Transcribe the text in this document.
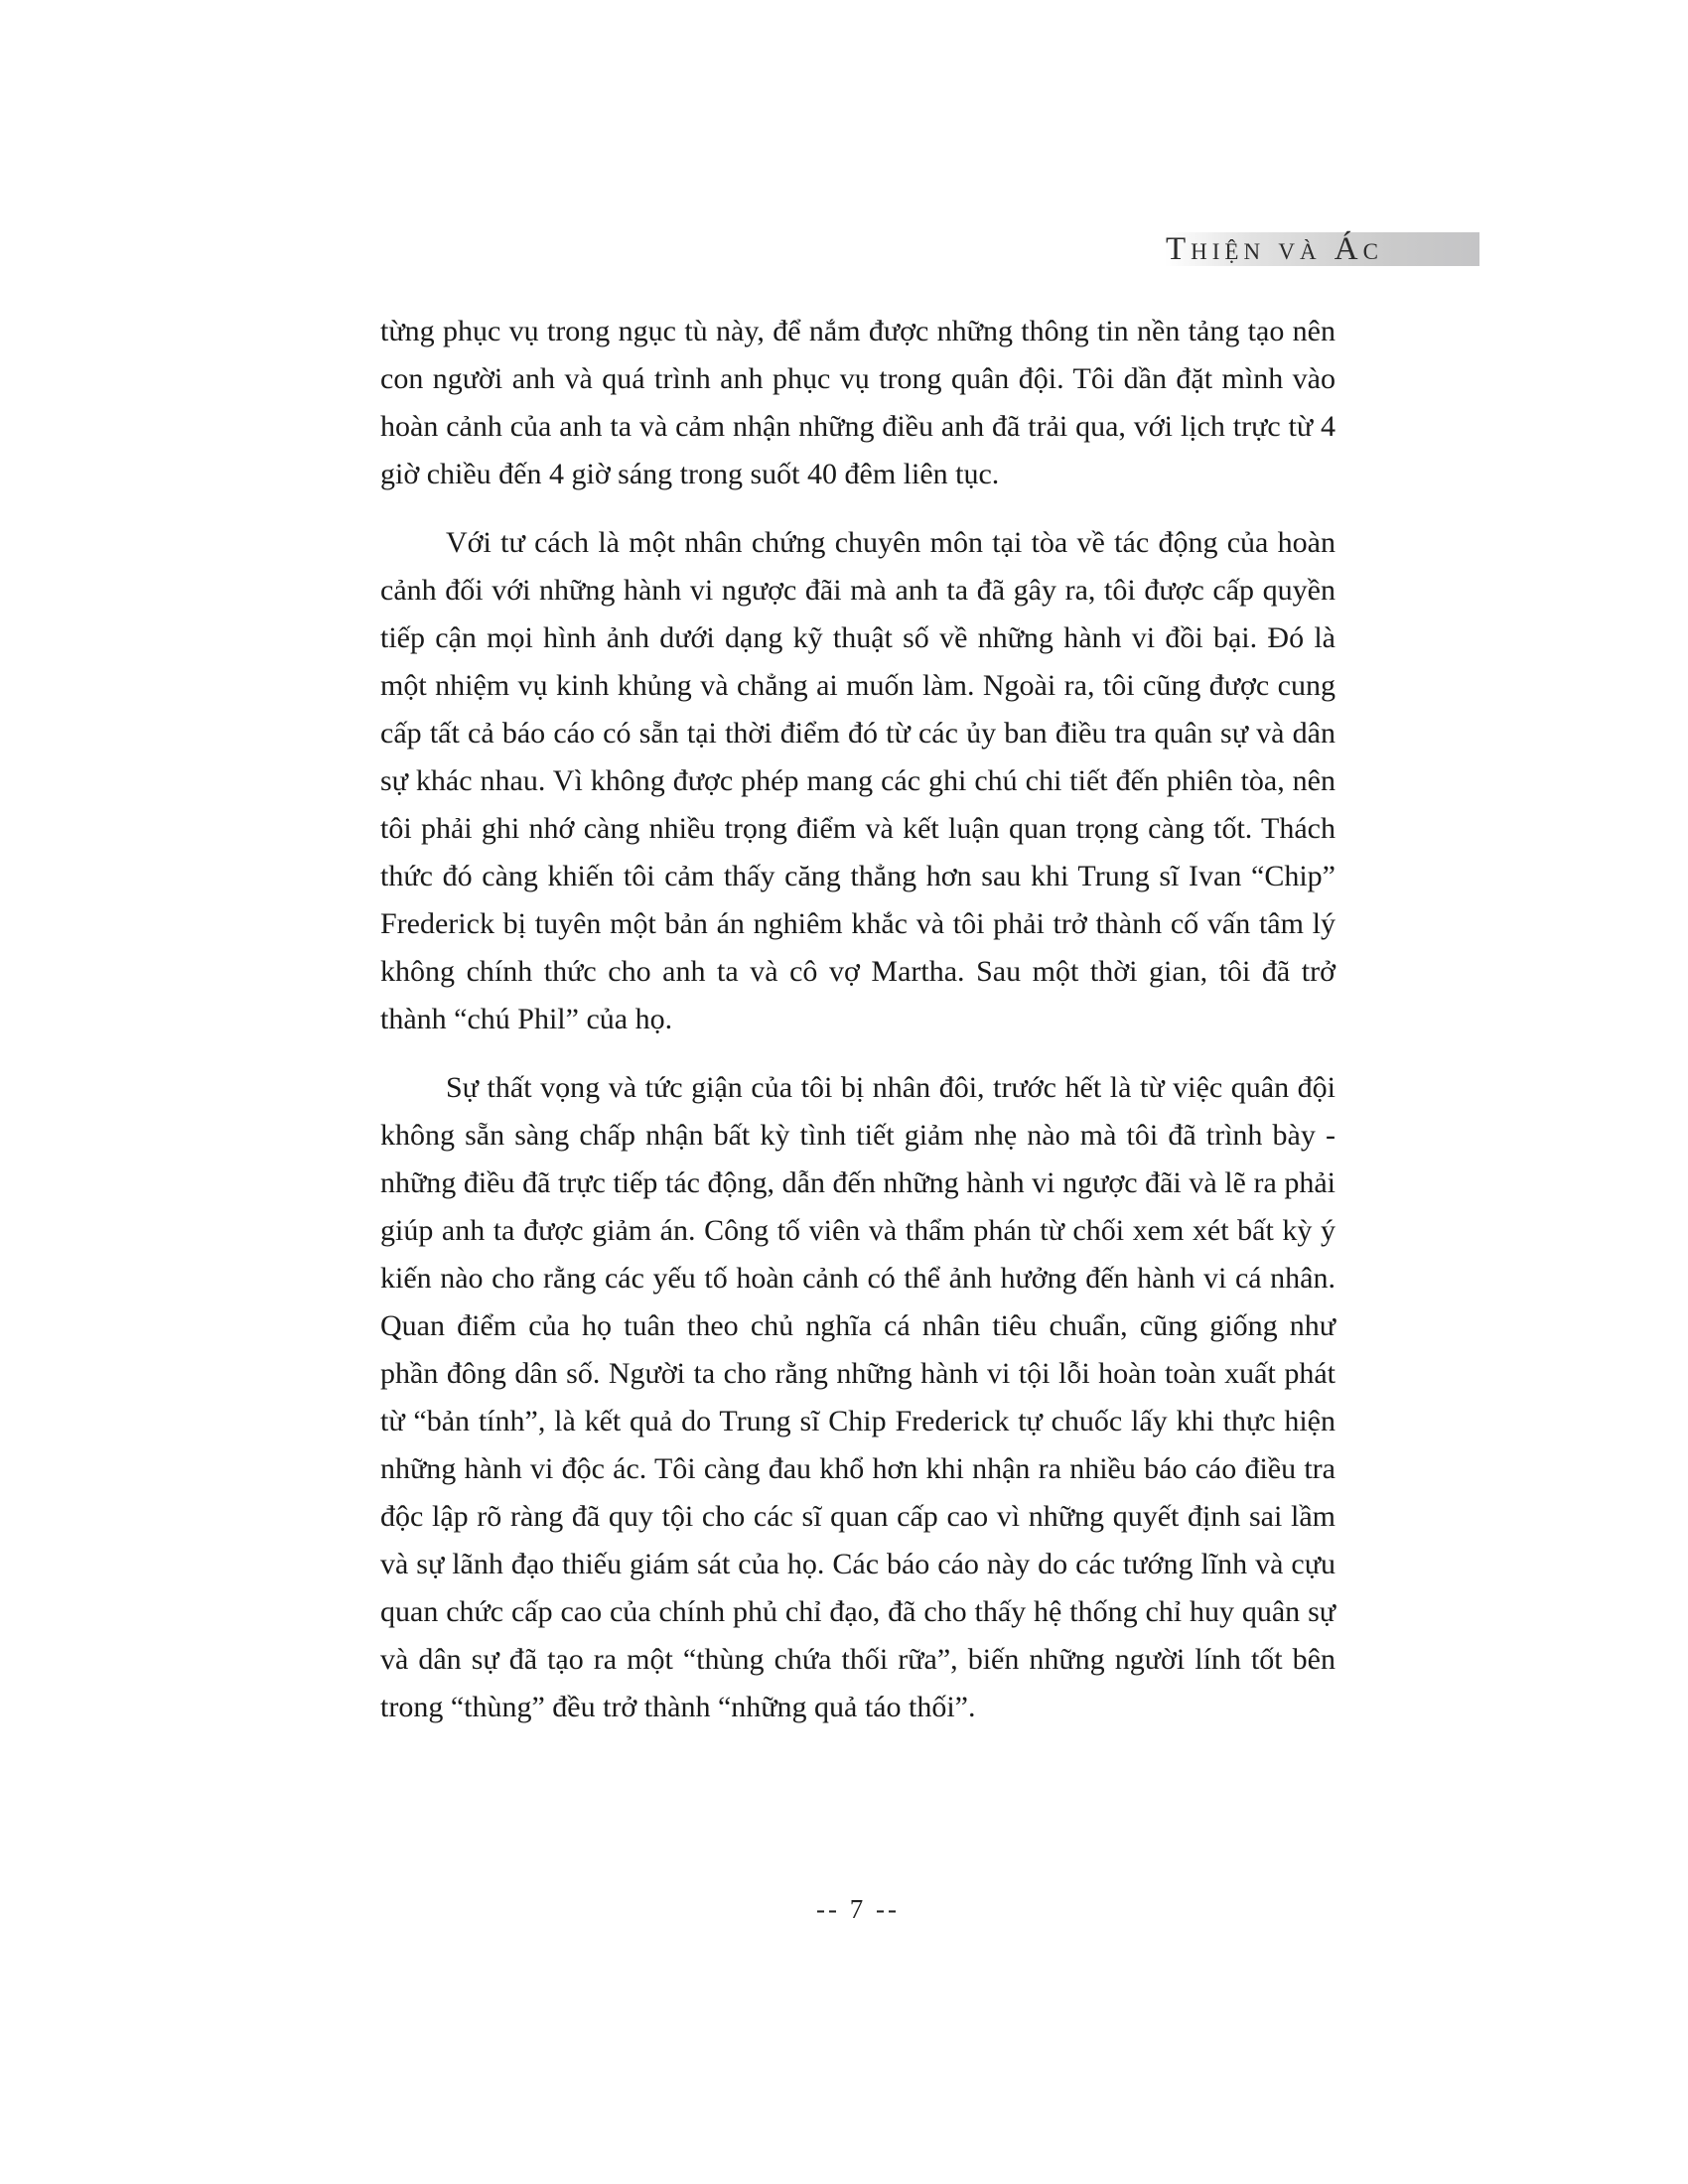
Thiện và Ác

từng phục vụ trong ngục tù này, để nắm được những thông tin nền tảng tạo nên con người anh và quá trình anh phục vụ trong quân đội. Tôi dần đặt mình vào hoàn cảnh của anh ta và cảm nhận những điều anh đã trải qua, với lịch trực từ 4 giờ chiều đến 4 giờ sáng trong suốt 40 đêm liên tục.

Với tư cách là một nhân chứng chuyên môn tại tòa về tác động của hoàn cảnh đối với những hành vi ngược đãi mà anh ta đã gây ra, tôi được cấp quyền tiếp cận mọi hình ảnh dưới dạng kỹ thuật số về những hành vi đồi bại. Đó là một nhiệm vụ kinh khủng và chẳng ai muốn làm. Ngoài ra, tôi cũng được cung cấp tất cả báo cáo có sẵn tại thời điểm đó từ các ủy ban điều tra quân sự và dân sự khác nhau. Vì không được phép mang các ghi chú chi tiết đến phiên tòa, nên tôi phải ghi nhớ càng nhiều trọng điểm và kết luận quan trọng càng tốt. Thách thức đó càng khiến tôi cảm thấy căng thẳng hơn sau khi Trung sĩ Ivan “Chip” Frederick bị tuyên một bản án nghiêm khắc và tôi phải trở thành cố vấn tâm lý không chính thức cho anh ta và cô vợ Martha. Sau một thời gian, tôi đã trở thành “chú Phil” của họ.

Sự thất vọng và tức giận của tôi bị nhân đôi, trước hết là từ việc quân đội không sẵn sàng chấp nhận bất kỳ tình tiết giảm nhẹ nào mà tôi đã trình bày - những điều đã trực tiếp tác động, dẫn đến những hành vi ngược đãi và lẽ ra phải giúp anh ta được giảm án. Công tố viên và thẩm phán từ chối xem xét bất kỳ ý kiến nào cho rằng các yếu tố hoàn cảnh có thể ảnh hưởng đến hành vi cá nhân. Quan điểm của họ tuân theo chủ nghĩa cá nhân tiêu chuẩn, cũng giống như phần đông dân số. Người ta cho rằng những hành vi tội lỗi hoàn toàn xuất phát từ “bản tính”, là kết quả do Trung sĩ Chip Frederick tự chuốc lấy khi thực hiện những hành vi độc ác. Tôi càng đau khổ hơn khi nhận ra nhiều báo cáo điều tra độc lập rõ ràng đã quy tội cho các sĩ quan cấp cao vì những quyết định sai lầm và sự lãnh đạo thiếu giám sát của họ. Các báo cáo này do các tướng lĩnh và cựu quan chức cấp cao của chính phủ chỉ đạo, đã cho thấy hệ thống chỉ huy quân sự và dân sự đã tạo ra một “thùng chứa thối rữa”, biến những người lính tốt bên trong “thùng” đều trở thành “những quả táo thối”.

-- 7 --
